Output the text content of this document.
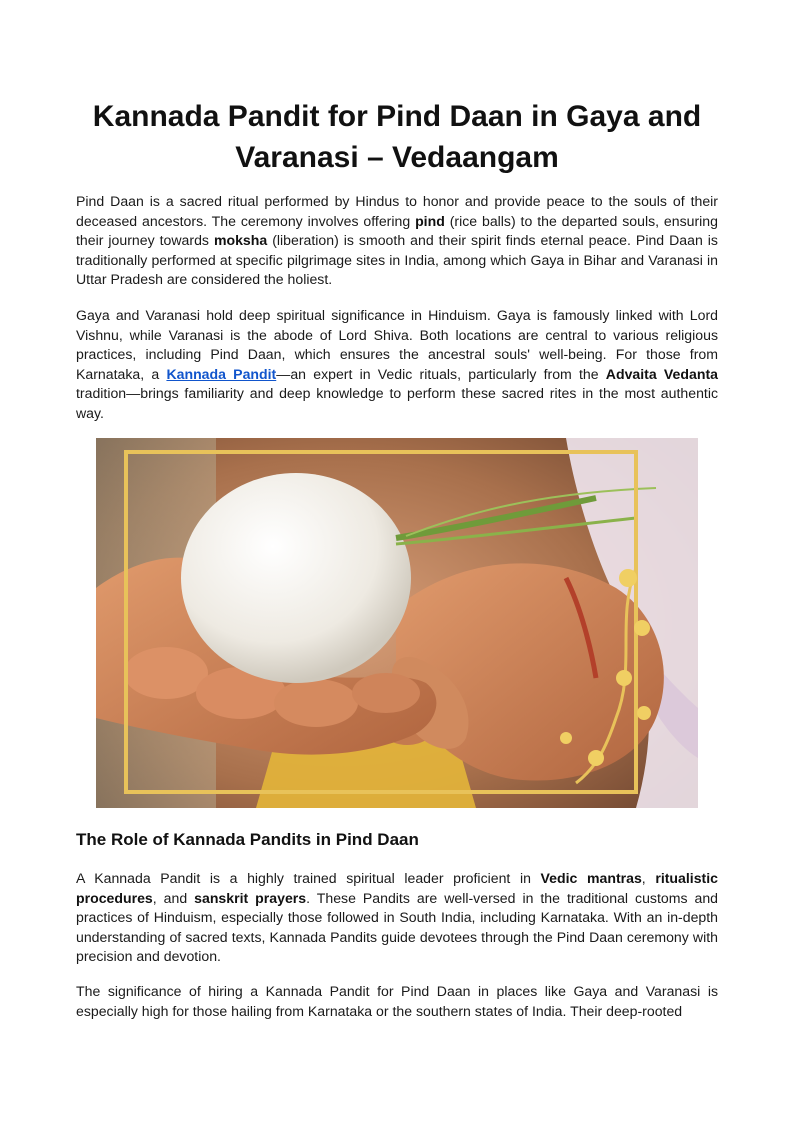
Kannada Pandit for Pind Daan in Gaya and Varanasi – Vedaangam

Pind Daan is a sacred ritual performed by Hindus to honor and provide peace to the souls of their deceased ancestors. The ceremony involves offering pind (rice balls) to the departed souls, ensuring their journey towards moksha (liberation) is smooth and their spirit finds eternal peace. Pind Daan is traditionally performed at specific pilgrimage sites in India, among which Gaya in Bihar and Varanasi in Uttar Pradesh are considered the holiest.

Gaya and Varanasi hold deep spiritual significance in Hinduism. Gaya is famously linked with Lord Vishnu, while Varanasi is the abode of Lord Shiva. Both locations are central to various religious practices, including Pind Daan, which ensures the ancestral souls' well-being. For those from Karnataka, a Kannada Pandit—an expert in Vedic rituals, particularly from the Advaita Vedanta tradition—brings familiarity and deep knowledge to perform these sacred rites in the most authentic way.

The Role of Kannada Pandits in Pind Daan

A Kannada Pandit is a highly trained spiritual leader proficient in Vedic mantras, ritualistic procedures, and sanskrit prayers. These Pandits are well-versed in the traditional customs and practices of Hinduism, especially those followed in South India, including Karnataka. With an in-depth understanding of sacred texts, Kannada Pandits guide devotees through the Pind Daan ceremony with precision and devotion.

The significance of hiring a Kannada Pandit for Pind Daan in places like Gaya and Varanasi is especially high for those hailing from Karnataka or the southern states of India. Their deep-rooted
